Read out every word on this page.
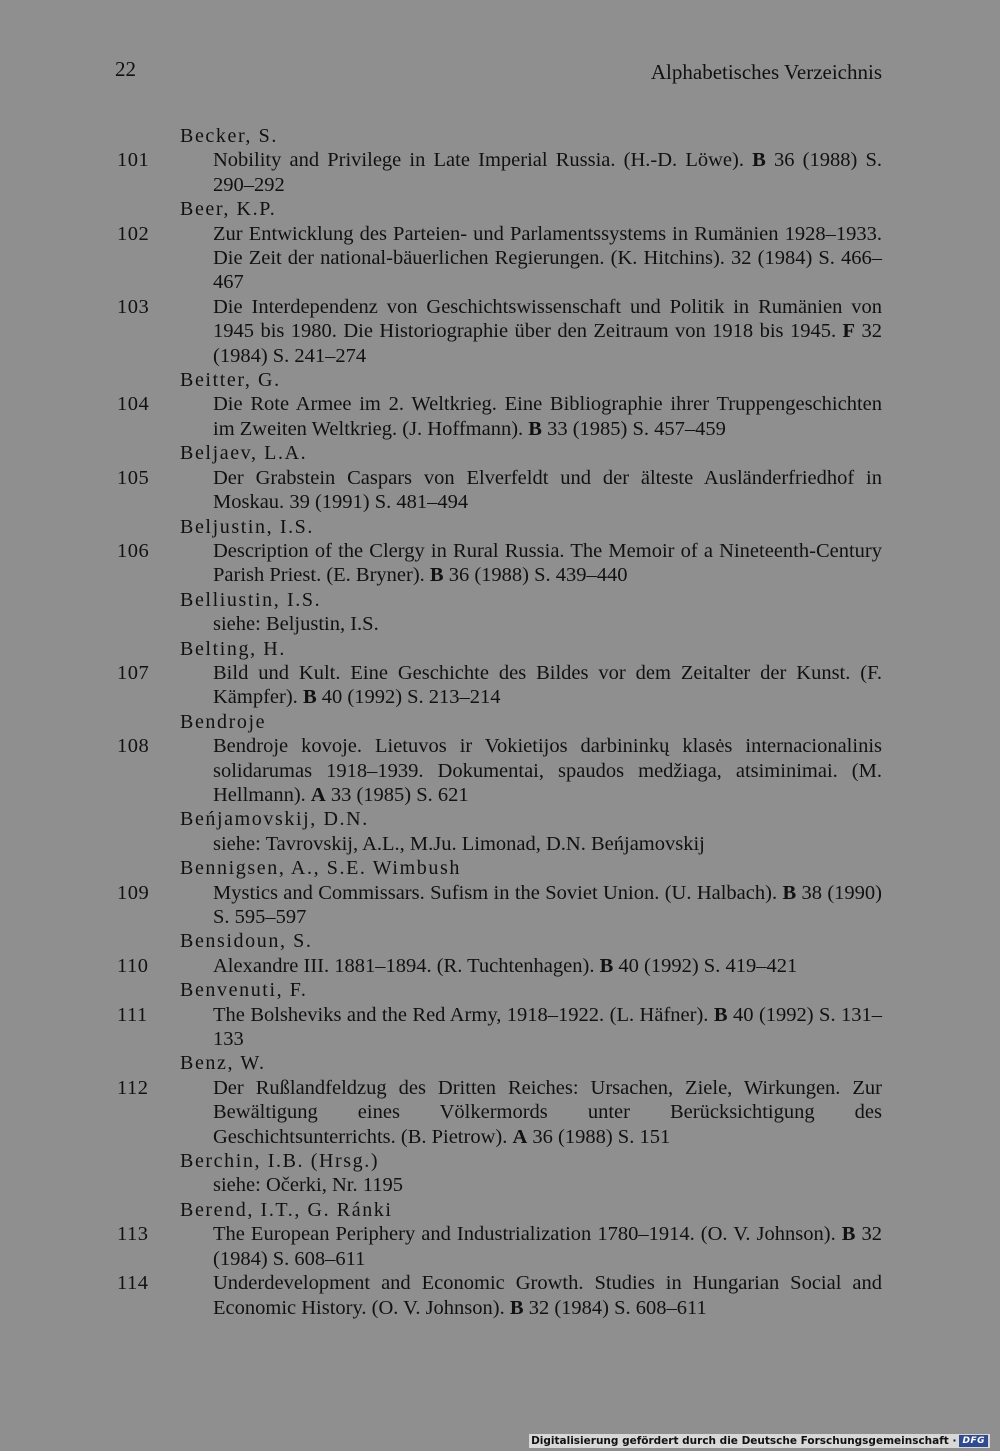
22	Alphabetisches Verzeichnis
Becker, S.
101	Nobility and Privilege in Late Imperial Russia. (H.-D. Löwe). B 36 (1988) S. 290–292
Beer, K.P.
102	Zur Entwicklung des Parteien- und Parlamentssystems in Rumänien 1928–1933. Die Zeit der national-bäuerlichen Regierungen. (K. Hitchins). 32 (1984) S. 466–467
103	Die Interdependenz von Geschichtswissenschaft und Politik in Rumänien von 1945 bis 1980. Die Historiographie über den Zeitraum von 1918 bis 1945. F 32 (1984) S. 241–274
Beitter, G.
104	Die Rote Armee im 2. Weltkrieg. Eine Bibliographie ihrer Truppengeschichten im Zweiten Weltkrieg. (J. Hoffmann). B 33 (1985) S. 457–459
Beljaev, L.A.
105	Der Grabstein Caspars von Elverfeldt und der älteste Ausländerfriedhof in Moskau. 39 (1991) S. 481–494
Beljustin, I.S.
106	Description of the Clergy in Rural Russia. The Memoir of a Nineteenth-Century Parish Priest. (E. Bryner). B 36 (1988) S. 439–440
Belliustin, I.S.
siehe: Beljustin, I.S.
Belting, H.
107	Bild und Kult. Eine Geschichte des Bildes vor dem Zeitalter der Kunst. (F. Kämpfer). B 40 (1992) S. 213–214
Bendroje
108	Bendroje kovoje. Lietuvos ir Vokietijos darbininkų klasės internacionalinis solidarumas 1918–1939. Dokumentai, spaudos medžiaga, atsiminimai. (M. Hellmann). A 33 (1985) S. 621
Beńjamovskij, D.N.
siehe: Tavrovskij, A.L., M.Ju. Limonad, D.N. Beńjamovskij
Bennigsen, A., S.E. Wimbush
109	Mystics and Commissars. Sufism in the Soviet Union. (U. Halbach). B 38 (1990) S. 595–597
Bensidoun, S.
110	Alexandre III. 1881–1894. (R. Tuchtenhagen). B 40 (1992) S. 419–421
Benvenuti, F.
111	The Bolsheviks and the Red Army, 1918–1922. (L. Häfner). B 40 (1992) S. 131–133
Benz, W.
112	Der Rußlandfeldzug des Dritten Reiches: Ursachen, Ziele, Wirkungen. Zur Bewältigung eines Völkermords unter Berücksichtigung des Geschichtsunterrichts. (B. Pietrow). A 36 (1988) S. 151
Berchin, I.B. (Hrsg.)
siehe: Očerki, Nr. 1195
Berend, I.T., G. Ránki
113	The European Periphery and Industrialization 1780–1914. (O. V. Johnson). B 32 (1984) S. 608–611
114	Underdevelopment and Economic Growth. Studies in Hungarian Social and Economic History. (O. V. Johnson). B 32 (1984) S. 608–611
Digitalisierung gefördert durch die Deutsche Forschungsgemeinschaft · DFG
